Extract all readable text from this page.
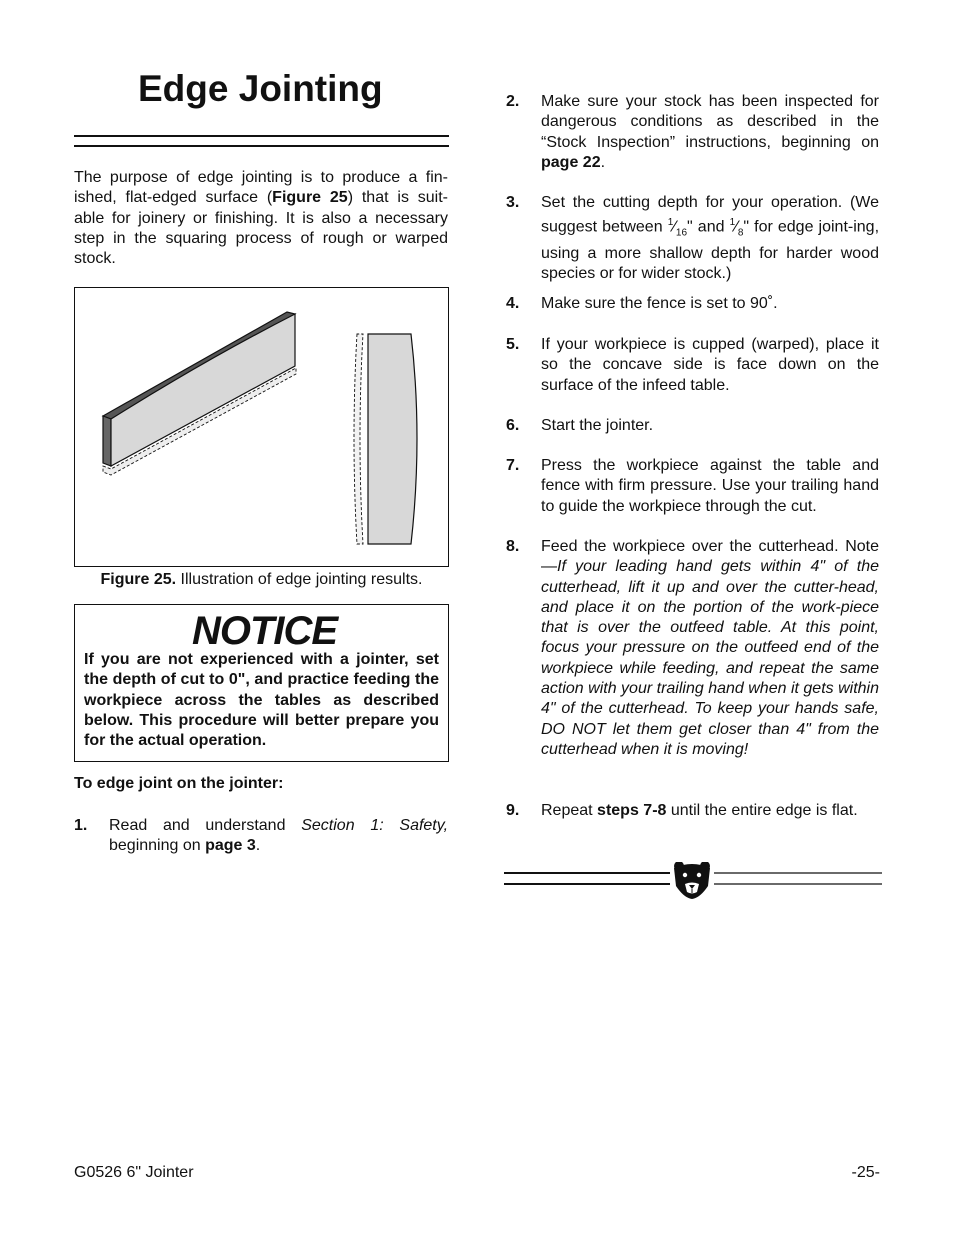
Edge Jointing
The purpose of edge jointing is to produce a fin-
ished, flat-edged surface (Figure 25) that is suit-
able for joinery or finishing. It is also a necessary
step in the squaring process of rough or warped
stock.
Figure 25. Illustration of edge jointing results.
NOTICE
If you are not experienced with a jointer, set the depth of cut to 0", and practice feeding the workpiece across the tables as described below. This procedure will better prepare you for the actual operation.
To edge joint on the jointer:
1. Read and understand Section 1: Safety, beginning on page 3.
2. Make sure your stock has been inspected for dangerous conditions as described in the “Stock Inspection” instructions, beginning on page 22.
3. Set the cutting depth for your operation. (We suggest between $^1⁄_{16}$" and $^1⁄_8$" for edge joint-ing, using a more shallow depth for harder wood species or for wider stock.)
4. Make sure the fence is set to 90˚.
5. If your workpiece is cupped (warped), place it so the concave side is face down on the surface of the infeed table.
6. Start the jointer.
7. Press the workpiece against the table and fence with firm pressure. Use your trailing hand to guide the workpiece through the cut.
8. Feed the workpiece over the cutterhead. Note—If your leading hand gets within 4" of the cutterhead, lift it up and over the cutter-head, and place it on the portion of the work-piece that is over the outfeed table. At this point, focus your pressure on the outfeed end of the workpiece while feeding, and repeat the same action with your trailing hand when it gets within 4" of the cutterhead. To keep your hands safe, DO NOT let them get closer than 4" from the cutterhead when it is moving!
9. Repeat steps 7-8 until the entire edge is flat.
G0526 6" Jointer	-25-
